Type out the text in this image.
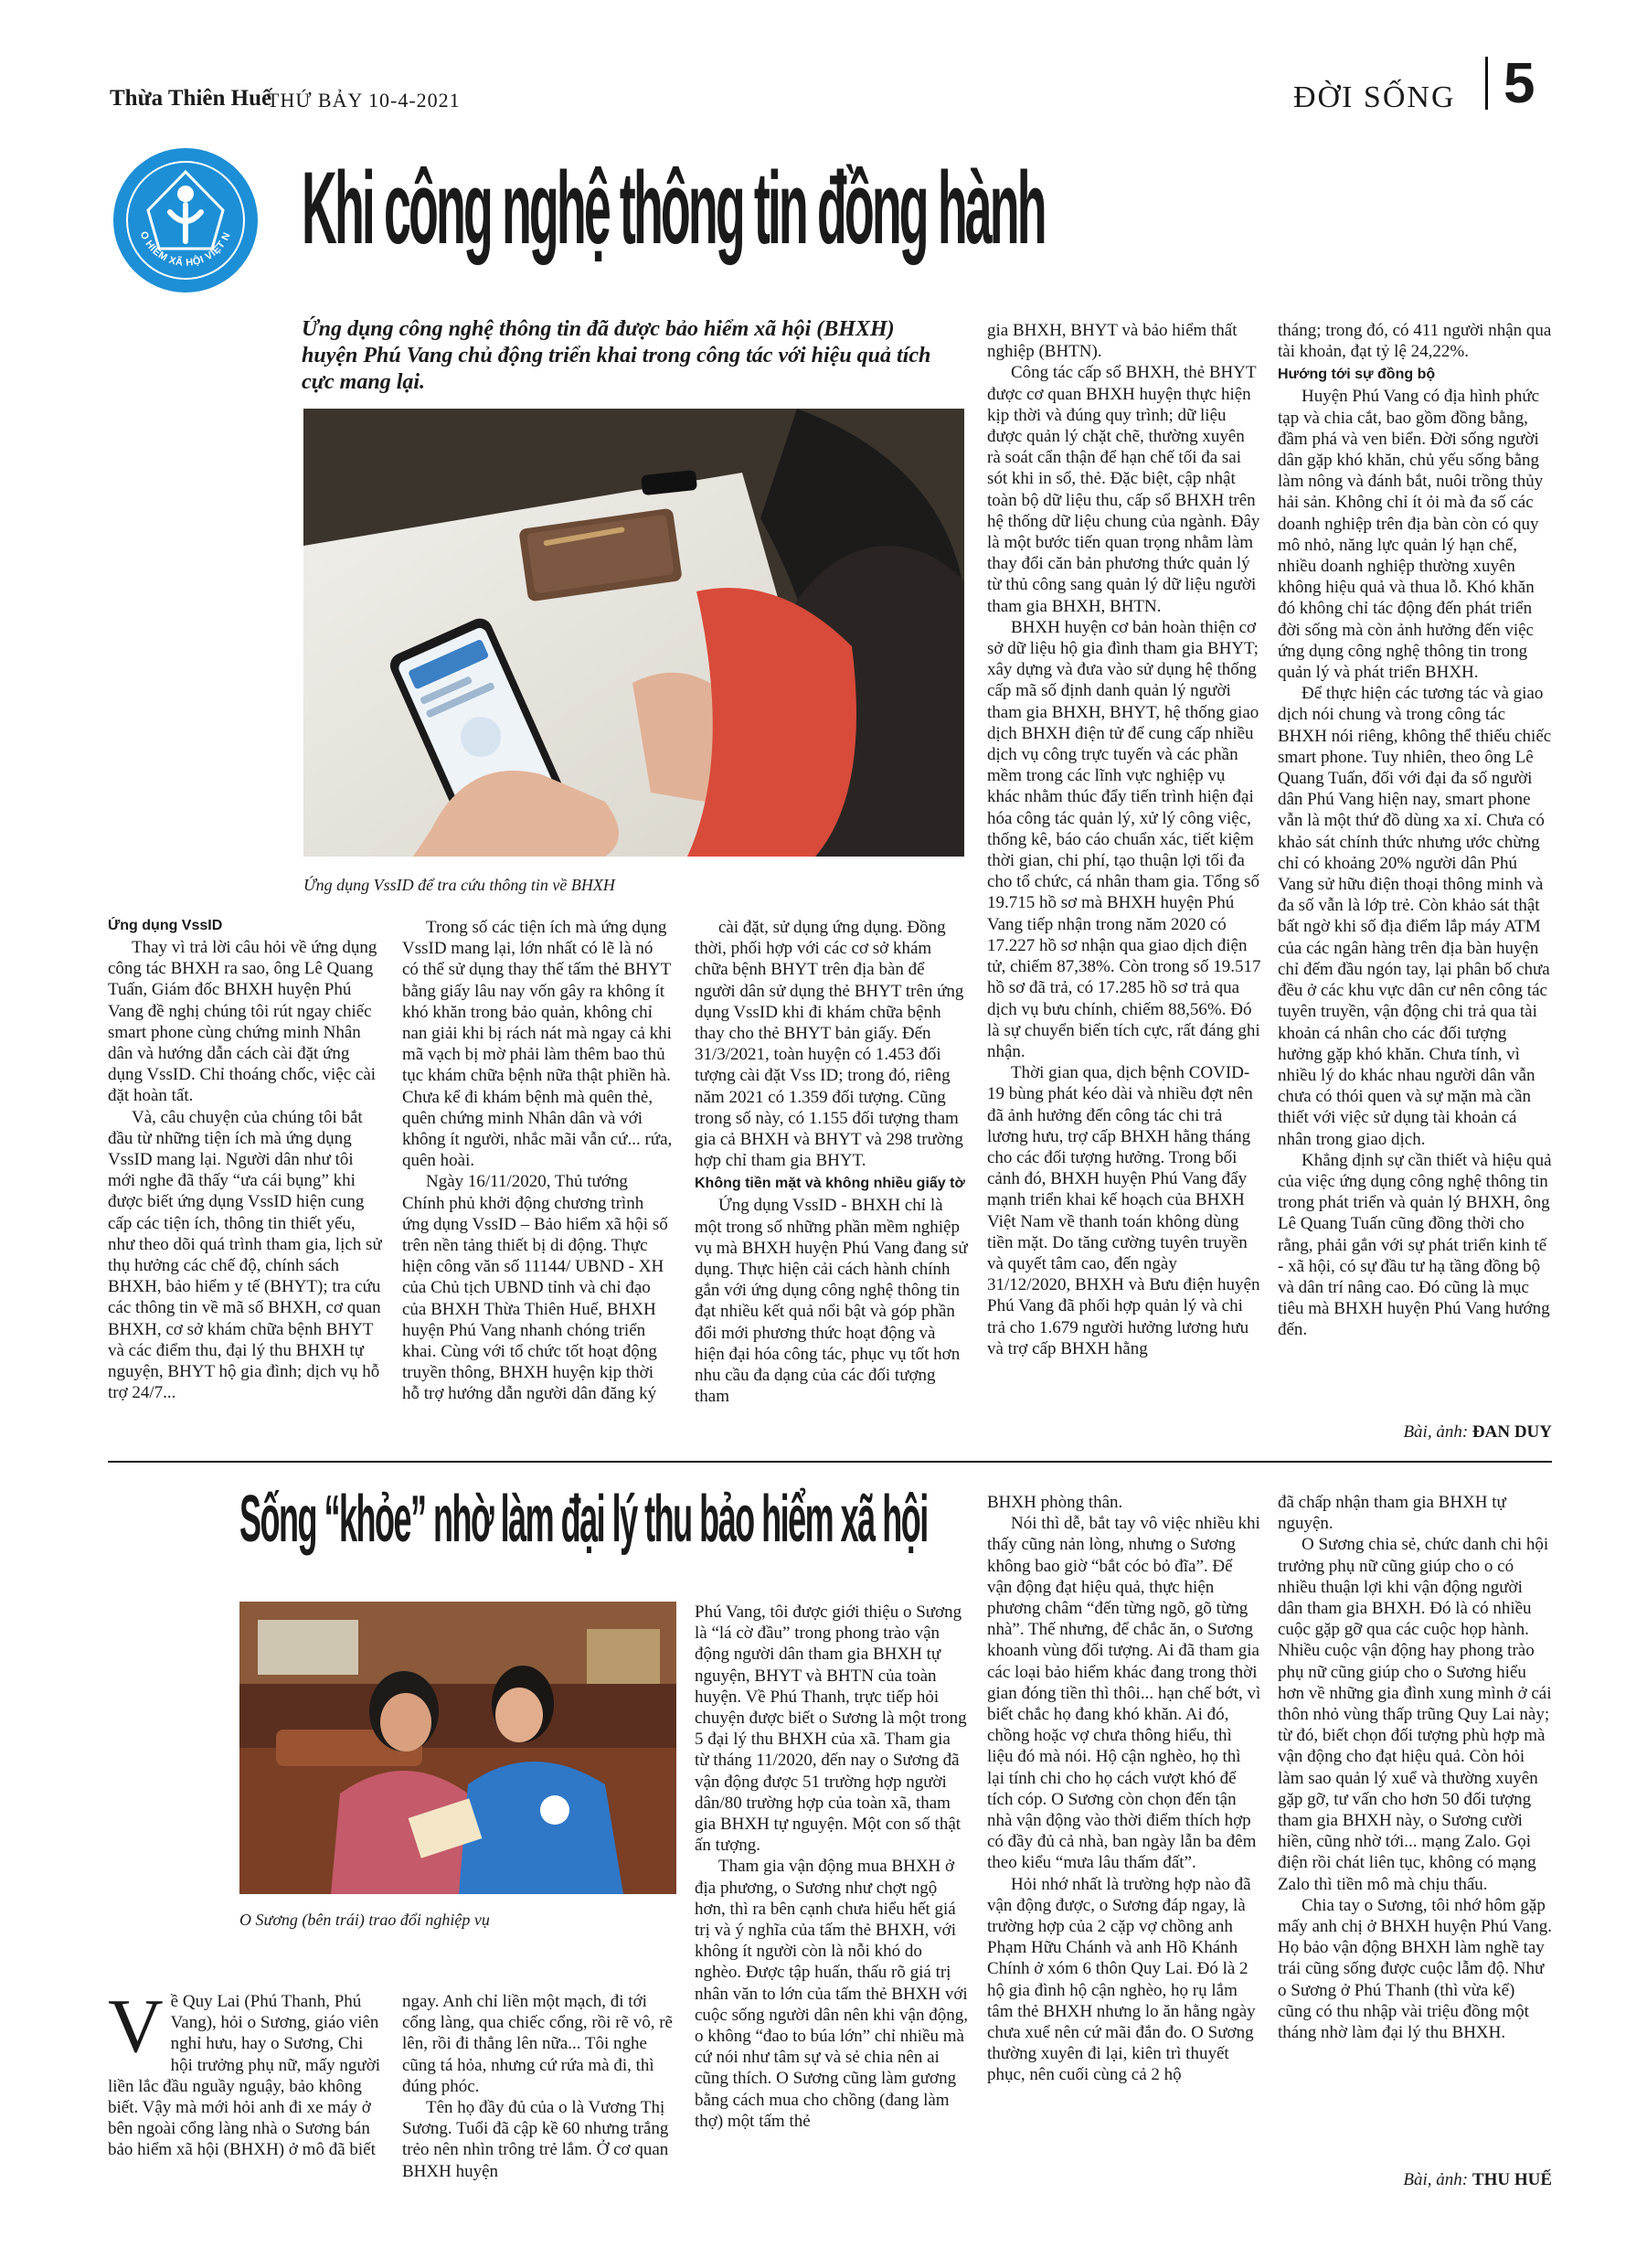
Thừa Thiên Huế
THỨ BẢY 10-4-2021	ĐỜI SỐNG 5
O HIỂM XÃ HỘI VIỆT N Khi công nghệ thông tin đồng hành
Ứng dụng công nghệ thông tin đã được bảo hiểm xã hội (BHXH) huyện Phú Vang chủ động triển khai trong công tác với hiệu quả tích cực mang lại.
Ứng dụng VssID để tra cứu thông tin về BHXH
Ứng dụng VssID

Thay vì trả lời câu hỏi về ứng dụng công tác BHXH ra sao, ông Lê Quang Tuấn, Giám đốc BHXH huyện Phú Vang đề nghị chúng tôi rút ngay chiếc smart phone cùng chứng minh Nhân dân và hướng dẫn cách cài đặt ứng dụng VssID. Chỉ thoáng chốc, việc cài đặt hoàn tất.

Và, câu chuyện của chúng tôi bắt đầu từ những tiện ích mà ứng dụng VssID mang lại. Người dân như tôi mới nghe đã thấy “ưa cái bụng” khi được biết ứng dụng VssID hiện cung cấp các tiện ích, thông tin thiết yếu, như theo dõi quá trình tham gia, lịch sử thụ hưởng các chế độ, chính sách BHXH, bảo hiểm y tế (BHYT); tra cứu các thông tin về mã số BHXH, cơ quan BHXH, cơ sở khám chữa bệnh BHYT và các điểm thu, đại lý thu BHXH tự nguyện, BHYT hộ gia đình; dịch vụ hỗ trợ 24/7...

Trong số các tiện ích mà ứng dụng VssID mang lại, lớn nhất có lẽ là nó có thể sử dụng thay thế tấm thẻ BHYT bằng giấy lâu nay vốn gây ra không ít khó khăn trong bảo quản, không chỉ nan giải khi bị rách nát mà ngay cả khi mã vạch bị mờ phải làm thêm bao thủ tục khám chữa bệnh nữa thật phiền hà. Chưa kể đi khám bệnh mà quên thẻ, quên chứng minh Nhân dân và với không ít người, nhắc mãi vẫn cứ... rứa, quên hoài.

Ngày 16/11/2020, Thủ tướng Chính phủ khởi động chương trình ứng dụng VssID – Bảo hiểm xã hội số trên nền tảng thiết bị di động. Thực hiện công văn số 11144/ UBND - XH của Chủ tịch UBND tỉnh và chỉ đạo của BHXH Thừa Thiên Huế, BHXH huyện Phú Vang nhanh chóng triển khai. Cùng với tổ chức tốt hoạt động truyền thông, BHXH huyện kịp thời hỗ trợ hướng dẫn người dân đăng ký

cài đặt, sử dụng ứng dụng. Đồng thời, phối hợp với các cơ sở khám chữa bệnh BHYT trên địa bàn để người dân sử dụng thẻ BHYT trên ứng dụng VssID khi đi khám chữa bệnh thay cho thẻ BHYT bản giấy. Đến 31/3/2021, toàn huyện có 1.453 đối tượng cài đặt Vss ID; trong đó, riêng năm 2021 có 1.359 đối tượng. Cũng trong số này, có 1.155 đối tượng tham gia cả BHXH và BHYT và 298 trường hợp chỉ tham gia BHYT.

Không tiền mặt và không nhiều giấy tờ

Ứng dụng VssID - BHXH chỉ là một trong số những phần mềm nghiệp vụ mà BHXH huyện Phú Vang đang sử dụng. Thực hiện cải cách hành chính gắn với ứng dụng công nghệ thông tin đạt nhiều kết quả nổi bật và góp phần đổi mới phương thức hoạt động và hiện đại hóa công tác, phục vụ tốt hơn nhu cầu đa dạng của các đối tượng tham

gia BHXH, BHYT và bảo hiểm thất nghiệp (BHTN).

Công tác cấp sổ BHXH, thẻ BHYT được cơ quan BHXH huyện thực hiện kịp thời và đúng quy trình; dữ liệu được quản lý chặt chẽ, thường xuyên rà soát cẩn thận để hạn chế tối đa sai sót khi in sổ, thẻ. Đặc biệt, cập nhật toàn bộ dữ liệu thu, cấp sổ BHXH trên hệ thống dữ liệu chung của ngành. Đây là một bước tiến quan trọng nhằm làm thay đổi căn bản phương thức quản lý từ thủ công sang quản lý dữ liệu người tham gia BHXH, BHTN.

BHXH huyện cơ bản hoàn thiện cơ sở dữ liệu hộ gia đình tham gia BHYT; xây dựng và đưa vào sử dụng hệ thống cấp mã số định danh quản lý người tham gia BHXH, BHYT, hệ thống giao dịch BHXH điện tử để cung cấp nhiều dịch vụ công trực tuyến và các phần mềm trong các lĩnh vực nghiệp vụ khác nhằm thúc đẩy tiến trình hiện đại hóa công tác quản lý, xử lý công việc, thống kê, báo cáo chuẩn xác, tiết kiệm thời gian, chi phí, tạo thuận lợi tối đa cho tổ chức, cá nhân tham gia. Tổng số 19.715 hồ sơ mà BHXH huyện Phú Vang tiếp nhận trong năm 2020 có 17.227 hồ sơ nhận qua giao dịch điện tử, chiếm 87,38%. Còn trong số 19.517 hồ sơ đã trả, có 17.285 hồ sơ trả qua dịch vụ bưu chính, chiếm 88,56%. Đó là sự chuyển biến tích cực, rất đáng ghi nhận.

Thời gian qua, dịch bệnh COVID-19 bùng phát kéo dài và nhiều đợt nên đã ảnh hưởng đến công tác chi trả lương hưu, trợ cấp BHXH hằng tháng cho các đối tượng hưởng. Trong bối cảnh đó, BHXH huyện Phú Vang đẩy mạnh triển khai kế hoạch của BHXH Việt Nam về thanh toán không dùng tiền mặt. Do tăng cường tuyên truyền và quyết tâm cao, đến ngày 31/12/2020, BHXH và Bưu điện huyện Phú Vang đã phối hợp quản lý và chi trả cho 1.679 người hưởng lương hưu và trợ cấp BHXH hằng

tháng; trong đó, có 411 người nhận qua tài khoản, đạt tỷ lệ 24,22%.

Hướng tới sự đồng bộ

Huyện Phú Vang có địa hình phức tạp và chia cắt, bao gồm đồng bằng, đầm phá và ven biển. Đời sống người dân gặp khó khăn, chủ yếu sống bằng làm nông và đánh bắt, nuôi trồng thủy hải sản. Không chỉ ít ỏi mà đa số các doanh nghiệp trên địa bàn còn có quy mô nhỏ, năng lực quản lý hạn chế, nhiều doanh nghiệp thường xuyên không hiệu quả và thua lỗ. Khó khăn đó không chỉ tác động đến phát triển đời sống mà còn ảnh hưởng đến việc ứng dụng công nghệ thông tin trong quản lý và phát triển BHXH.

Để thực hiện các tương tác và giao dịch nói chung và trong công tác BHXH nói riêng, không thể thiếu chiếc smart phone. Tuy nhiên, theo ông Lê Quang Tuấn, đối với đại đa số người dân Phú Vang hiện nay, smart phone vẫn là một thứ đồ dùng xa xỉ. Chưa có khảo sát chính thức nhưng ước chừng chỉ có khoảng 20% người dân Phú Vang sử hữu điện thoại thông minh và đa số vẫn là lớp trẻ. Còn khảo sát thật bất ngờ khi số địa điểm lắp máy ATM của các ngân hàng trên địa bàn huyện chỉ đếm đầu ngón tay, lại phân bố chưa đều ở các khu vực dân cư nên công tác tuyên truyền, vận động chi trả qua tài khoản cá nhân cho các đối tượng hưởng gặp khó khăn. Chưa tính, vì nhiều lý do khác nhau người dân vẫn chưa có thói quen và sự mặn mà cần thiết với việc sử dụng tài khoản cá nhân trong giao dịch.

Khẳng định sự cần thiết và hiệu quả của việc ứng dụng công nghệ thông tin trong phát triển và quản lý BHXH, ông Lê Quang Tuấn cũng đồng thời cho rằng, phải gắn với sự phát triển kinh tế - xã hội, có sự đầu tư hạ tầng đồng bộ và dân trí nâng cao. Đó cũng là mục tiêu mà BHXH huyện Phú Vang hướng đến.

Bài, ảnh: ĐAN DUY
Sống “khỏe” nhờ làm đại lý thu bảo hiểm xã hội
O Sương (bên trái) trao đổi nghiệp vụ
V ề Quy Lai (Phú Thanh, Phú Vang), hỏi o Sương, giáo viên nghỉ hưu, hay o Sương, Chi hội trưởng phụ nữ, mấy người liền lắc đầu nguầy nguậy, bảo không biết. Vậy mà mới hỏi anh đi xe máy ở bên ngoài cổng làng nhà o Sương bán bảo hiểm xã hội (BHXH) ở mô đã biết

ngay. Anh chỉ liền một mạch, đi tới cổng làng, qua chiếc cổng, rồi rẽ vô, rẽ lên, rồi đi thẳng lên nữa... Tôi nghe cũng tá hỏa, nhưng cứ rứa mà đi, thì đúng phóc.

Tên họ đầy đủ của o là Vương Thị Sương. Tuổi đã cập kề 60 nhưng trắng trẻo nên nhìn trông trẻ lắm. Ở cơ quan BHXH huyện

Phú Vang, tôi được giới thiệu o Sương là “lá cờ đầu” trong phong trào vận động người dân tham gia BHXH tự nguyện, BHYT và BHTN của toàn huyện. Về Phú Thanh, trực tiếp hỏi chuyện được biết o Sương là một trong 5 đại lý thu BHXH của xã. Tham gia từ tháng 11/2020, đến nay o Sương đã vận động được 51 trường hợp người dân/80 trường hợp của toàn xã, tham gia BHXH tự nguyện. Một con số thật ấn tượng.

Tham gia vận động mua BHXH ở địa phương, o Sương như chợt ngộ hơn, thì ra bên cạnh chưa hiểu hết giá trị và ý nghĩa của tấm thẻ BHXH, với không ít người còn là nỗi khó do nghèo. Được tập huấn, thấu rõ giá trị nhân văn to lớn của tấm thẻ BHXH với cuộc sống người dân nên khi vận động, o không “đao to búa lớn” chỉ nhiều mà cứ nói như tâm sự và sẻ chia nên ai cũng thích. O Sương cũng làm gương bằng cách mua cho chồng (đang làm thợ) một tấm thẻ

BHXH phòng thân.

Nói thì dễ, bắt tay vô việc nhiều khi thấy cũng nản lòng, nhưng o Sương không bao giờ “bắt cóc bỏ đĩa”. Để vận động đạt hiệu quả, thực hiện phương châm “đến từng ngõ, gõ từng nhà”. Thế nhưng, để chắc ăn, o Sương khoanh vùng đối tượng. Ai đã tham gia các loại bảo hiểm khác đang trong thời gian đóng tiền thì thôi... hạn chế bớt, vì biết chắc họ đang khó khăn. Ai đó, chồng hoặc vợ chưa thông hiểu, thì liệu đó mà nói. Hộ cận nghèo, họ thì lại tính chi cho họ cách vượt khó để tích cóp. O Sương còn chọn đến tận nhà vận động vào thời điểm thích hợp có đầy đủ cả nhà, ban ngày lẫn ba đêm theo kiểu “mưa lâu thấm đất”.

Hỏi nhớ nhất là trường hợp nào đã vận động được, o Sương đáp ngay, là trường hợp của 2 cặp vợ chồng anh Phạm Hữu Chánh và anh Hồ Khánh Chính ở xóm 6 thôn Quy Lai. Đó là 2 hộ gia đình hộ cận nghèo, họ rụ lắm tâm thẻ BHXH nhưng lo ăn hằng ngày chưa xuể nên cứ mãi đắn đo. O Sương thường xuyên đi lại, kiên trì thuyết phục, nên cuối cùng cả 2 hộ

đã chấp nhận tham gia BHXH tự nguyện.

O Sương chia sẻ, chức danh chi hội trưởng phụ nữ cũng giúp cho o có nhiều thuận lợi khi vận động người dân tham gia BHXH. Đó là có nhiều cuộc gặp gỡ qua các cuộc họp hành. Nhiều cuộc vận động hay phong trào phụ nữ cũng giúp cho o Sương hiểu hơn về những gia đình xung mình ở cái thôn nhỏ vùng thấp trũng Quy Lai này; từ đó, biết chọn đối tượng phù hợp mà vận động cho đạt hiệu quả. Còn hỏi làm sao quản lý xuể và thường xuyên gặp gỡ, tư vấn cho hơn 50 đối tượng tham gia BHXH này, o Sương cười hiền, cũng nhờ tới... mạng Zalo. Gọi điện rồi chát liên tục, không có mạng Zalo thì tiền mô mà chịu thấu.

Chia tay o Sương, tôi nhớ hôm gặp mấy anh chị ở BHXH huyện Phú Vang. Họ bảo vận động BHXH làm nghề tay trái cũng sống được cuộc lẫm độ. Như o Sương ở Phú Thanh (thì vừa kể) cũng có thu nhập vài triệu đồng một tháng nhờ làm đại lý thu BHXH.

Bài, ảnh: THU HUẾ
